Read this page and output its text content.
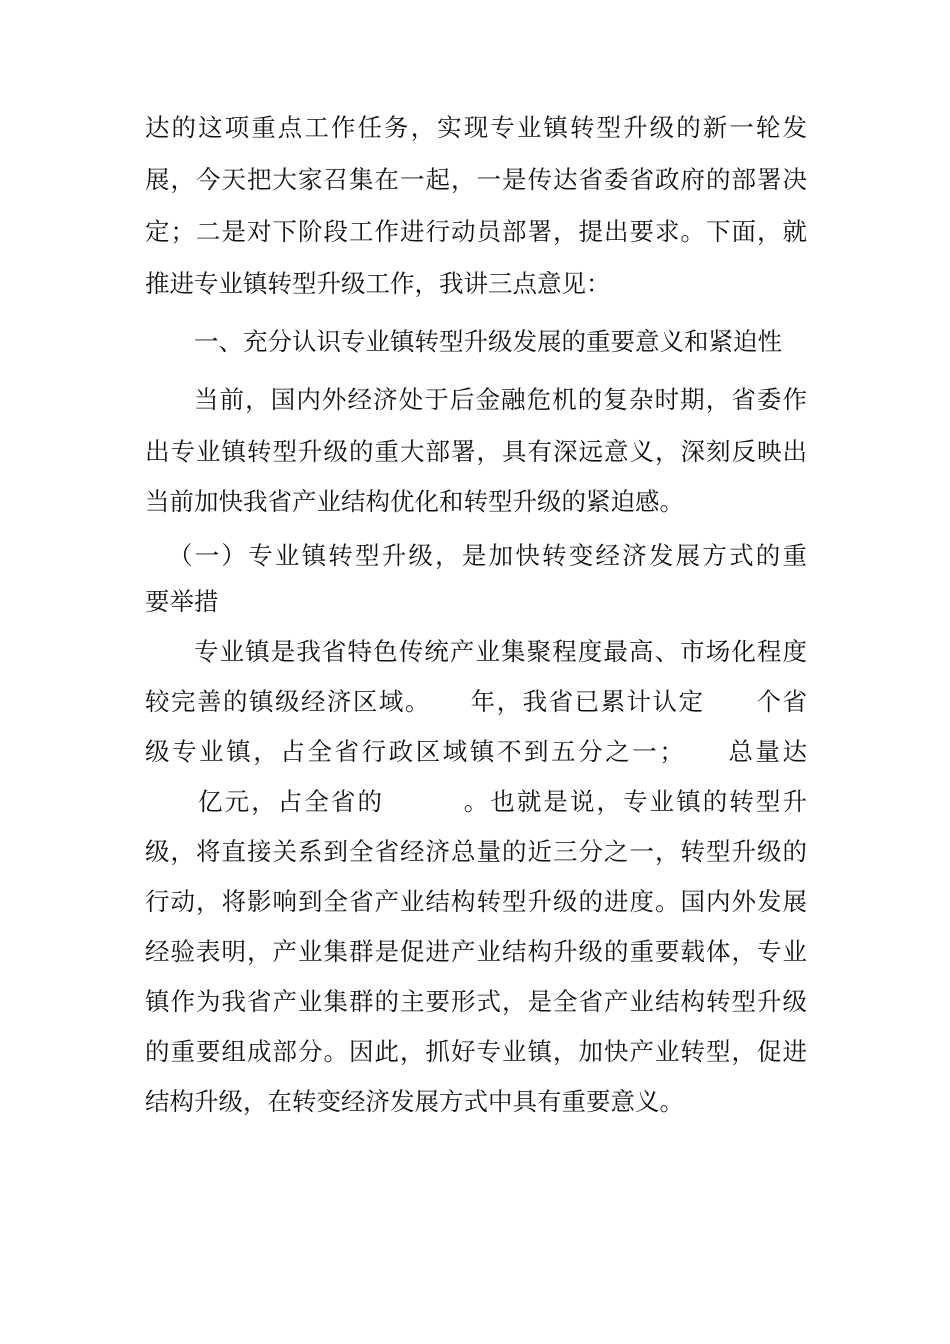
达的这项重点工作任务，实现专业镇转型升级的新一轮发
展，今天把大家召集在一起，一是传达省委省政府的部署决
定；二是对下阶段工作进行动员部署，提出要求。下面，就
推进专业镇转型升级工作，我讲三点意见：
一、充分认识专业镇转型升级发展的重要意义和紧迫性
当前，国内外经济处于后金融危机的复杂时期，省委作
出专业镇转型升级的重大部署，具有深远意义，深刻反映出
当前加快我省产业结构优化和转型升级的紧迫感。
（一）专业镇转型升级，是加快转变经济发展方式的重
要举措
专业镇是我省特色传统产业集聚程度最高、市场化程度
较完善的镇级经济区域。　　年，我省已累计认定　　个省
级专业镇，占全省行政区域镇不到五分之一；　　总量达
　　亿元，占全省的　　　。也就是说，专业镇的转型升
级，将直接关系到全省经济总量的近三分之一，转型升级的
行动，将影响到全省产业结构转型升级的进度。国内外发展
经验表明，产业集群是促进产业结构升级的重要载体，专业
镇作为我省产业集群的主要形式，是全省产业结构转型升级
的重要组成部分。因此，抓好专业镇，加快产业转型，促进
结构升级，在转变经济发展方式中具有重要意义。
